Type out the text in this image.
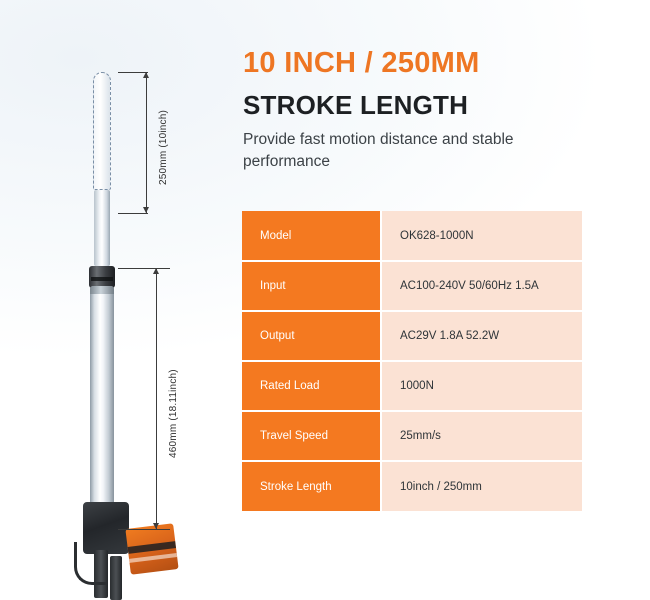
250mm (10inch)
460mm (18.11inch)
10 INCH / 250MM
STROKE LENGTH
Provide fast motion distance and stable performance
Model	OK628-1000N
Input	AC100-240V 50/60Hz 1.5A
Output	AC29V 1.8A 52.2W
Rated Load	1000N
Travel Speed	25mm/s
Stroke Length	10inch / 250mm
